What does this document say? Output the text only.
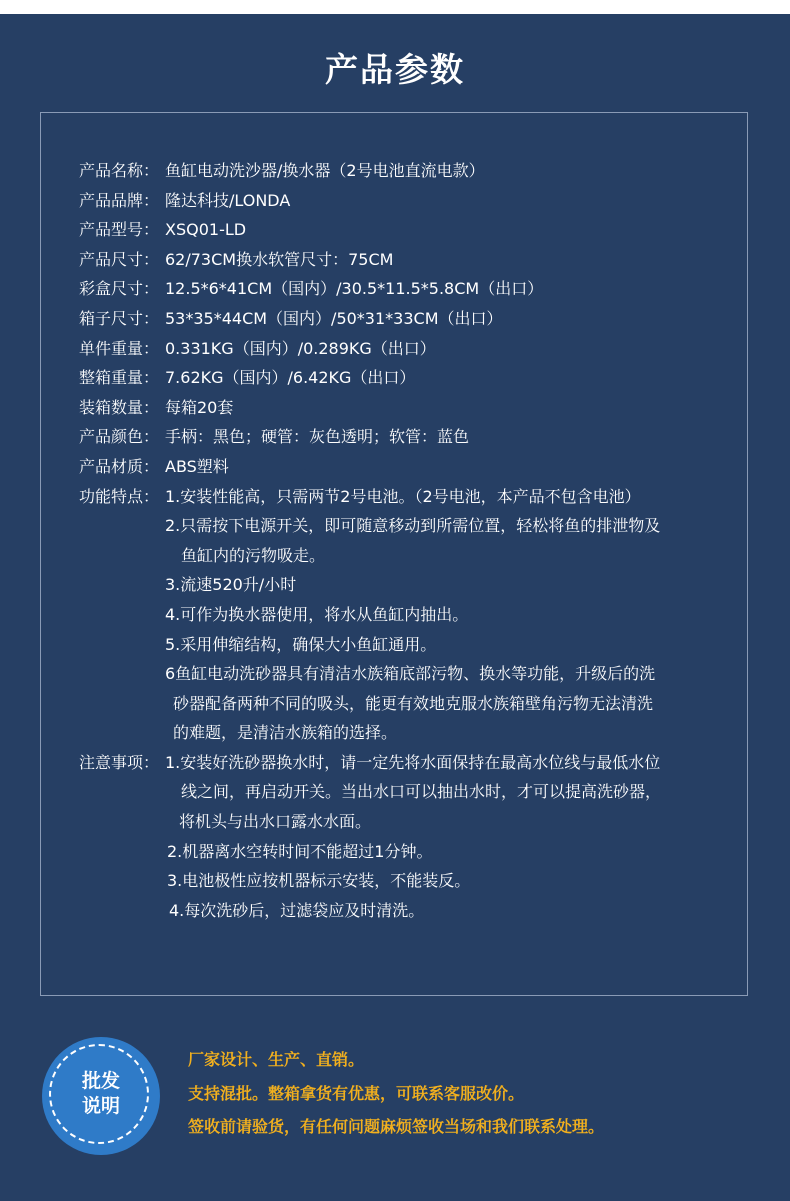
产品参数
产品名称： 鱼缸电动洗沙器/换水器（2号电池直流电款）
产品品牌： 隆达科技/LONDA
产品型号： XSQ01-LD
产品尺寸： 62/73CM换水软管尺寸：75CM
彩盒尺寸： 12.5*6*41CM（国内）/30.5*11.5*5.8CM（出口）
箱子尺寸： 53*35*44CM（国内）/50*31*33CM（出口）
单件重量： 0.331KG（国内）/0.289KG（出口）
整箱重量： 7.62KG（国内）/6.42KG（出口）
装箱数量： 每箱20套
产品颜色： 手柄：黑色；硬管：灰色透明；软管：蓝色
产品材质： ABS塑料
功能特点： 1.安装性能高，只需两节2号电池。（2号电池，本产品不包含电池）
2.只需按下电源开关，即可随意移动到所需位置，轻松将鱼的排泄物及
鱼缸内的污物吸走。
3.流速520升/小时
4.可作为换水器使用，将水从鱼缸内抽出。
5.采用伸缩结构，确保大小鱼缸通用。
6鱼缸电动洗砂器具有清洁水族箱底部污物、换水等功能，升级后的洗
砂器配备两种不同的吸头，能更有效地克服水族箱壁角污物无法清洗
的难题，是清洁水族箱的选择。
注意事项： 1.安装好洗砂器换水时，请一定先将水面保持在最高水位线与最低水位
线之间，再启动开关。当出水口可以抽出水时，才可以提高洗砂器，
将机头与出水口露水水面。
2.机器离水空转时间不能超过1分钟。
3.电池极性应按机器标示安装，不能装反。
4.每次洗砂后，过滤袋应及时清洗。
批发
说明
厂家设计、生产、直销。
支持混批。整箱拿货有优惠，可联系客服改价。
签收前请验货，有任何问题麻烦签收当场和我们联系处理。
